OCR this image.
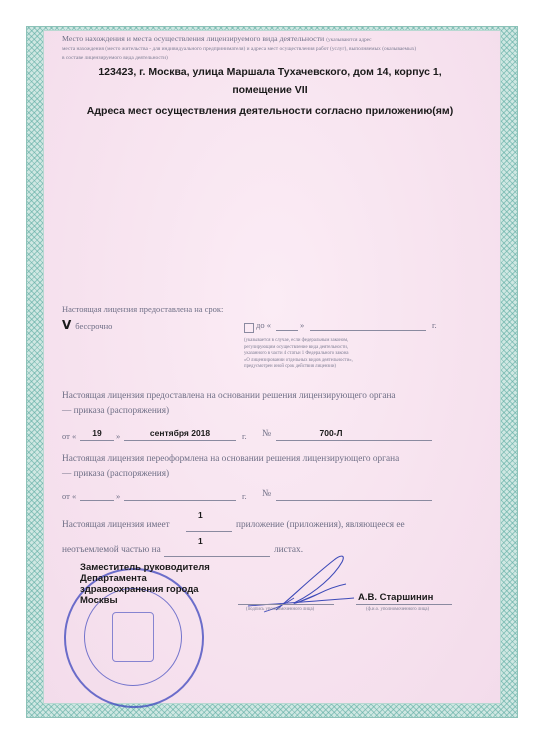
Место нахождения и места осуществления лицензируемого вида деятельности (указываются адрес
места нахождения (место жительства - для индивидуального предпринимателя) и адреса мест осуществления работ (услуг), выполняемых (оказываемых)
в составе лицензируемого вида деятельности)
123423, г. Москва, улица Маршала Тухачевского, дом 14, корпус 1,
помещение VII
Адреса мест осуществления деятельности согласно приложению(ям)
Настоящая лицензия предоставлена на срок:
V бессрочно	до «	»	г.
(указывается в случае, если федеральным законом,
регулирующим осуществление вида деятельности,
указанного в части 4 статьи 1 Федерального закона
«О лицензировании отдельных видов деятельности»,
предусмотрен иной срок действия лицензии)
Настоящая лицензия предоставлена на основании решения лицензирующего органа
— приказа (распоряжения)
от «	19	»	сентября 2018	г. №	700-Л
Настоящая лицензия переоформлена на основании решения лицензирующего органа
— приказа (распоряжения)
от «	»	г. №
1
Настоящая лицензия имеет	приложение (приложения), являющееся ее
1
неотъемлемой частью на	листах.
Заместитель руководителя
Департамента
здравоохранения города
Москвы
(подпись уполномоченного лица)
А.В. Старшинин
(ф.и.о. уполномоченного лица)
